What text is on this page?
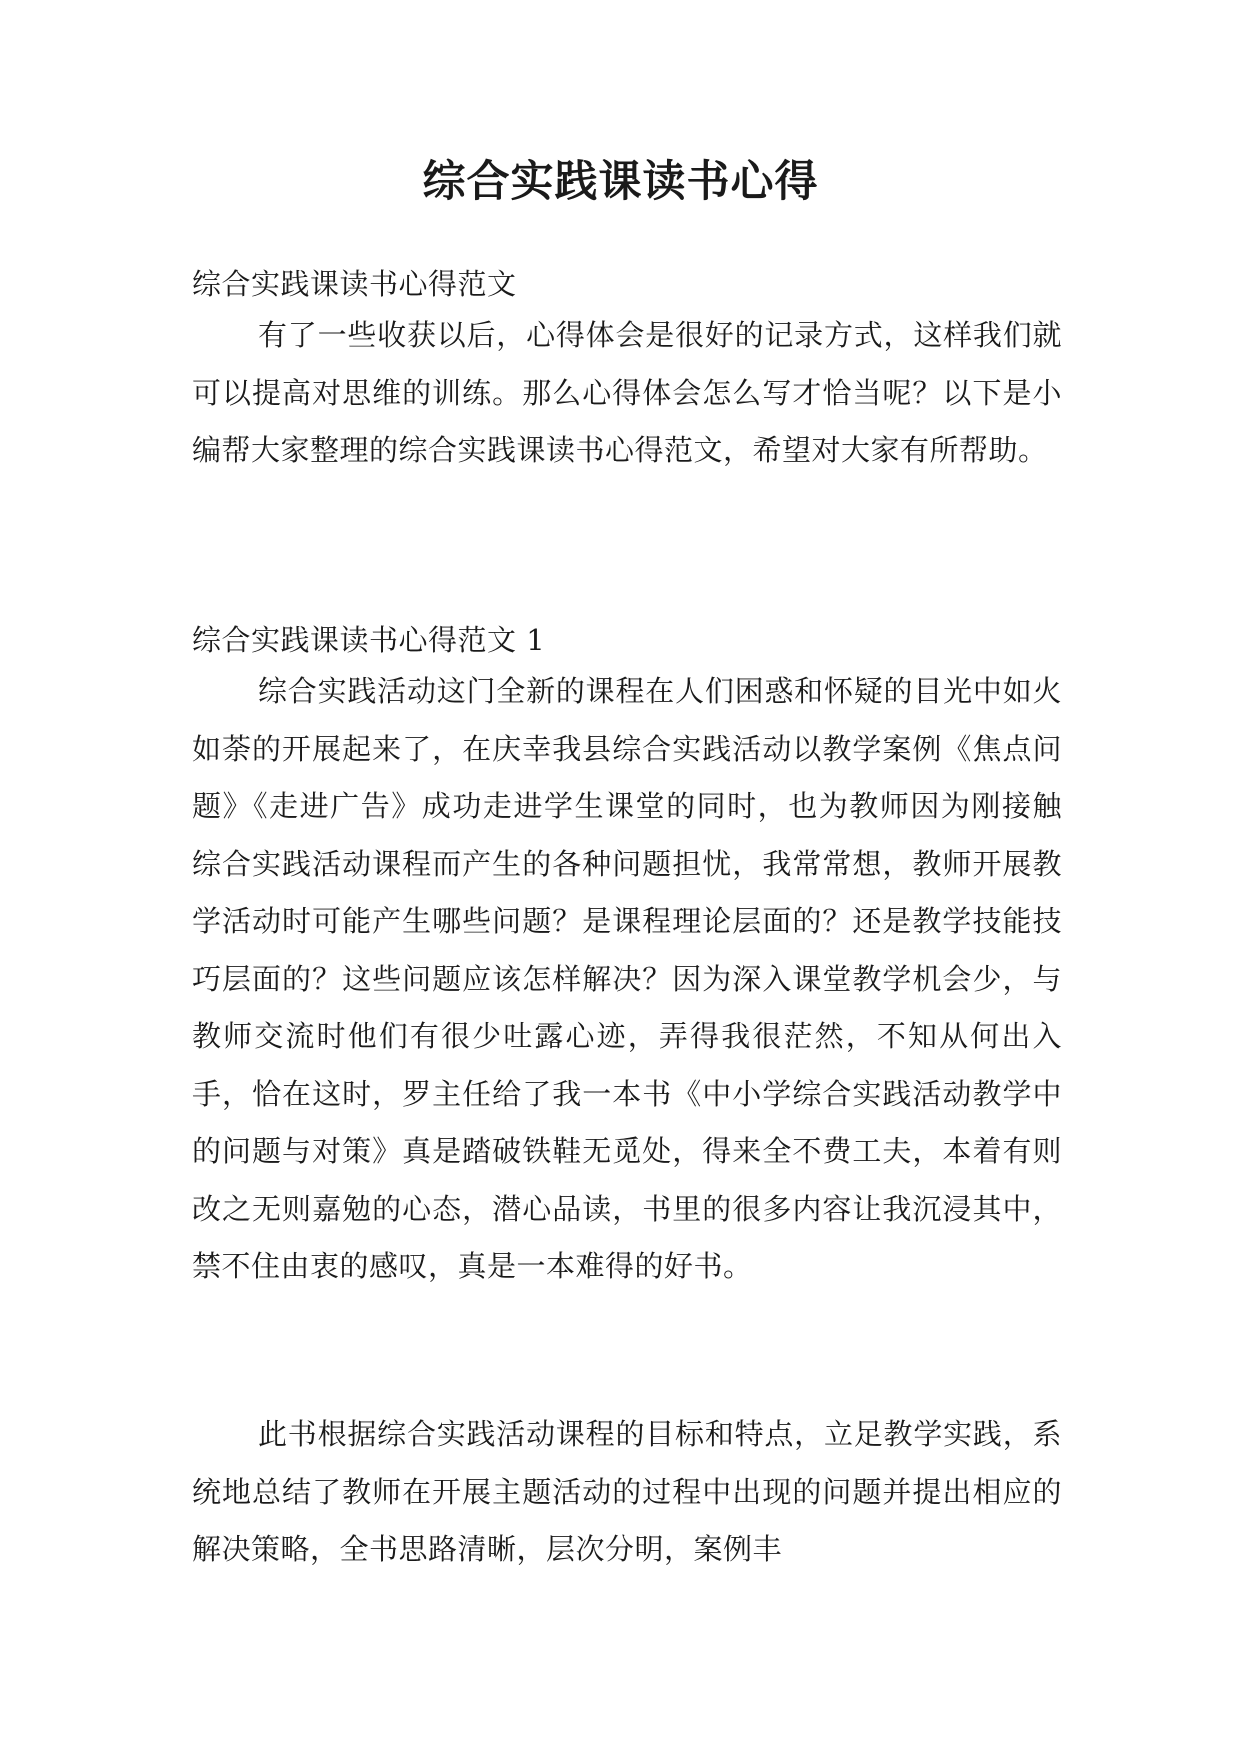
综合实践课读书心得
综合实践课读书心得范文

有了一些收获以后，心得体会是很好的记录方式，这样我们就可以提高对思维的训练。那么心得体会怎么写才恰当呢？以下是小编帮大家整理的综合实践课读书心得范文，希望对大家有所帮助。

综合实践课读书心得范文 1

综合实践活动这门全新的课程在人们困惑和怀疑的目光中如火如荼的开展起来了，在庆幸我县综合实践活动以教学案例《焦点问题》《走进广告》成功走进学生课堂的同时，也为教师因为刚接触综合实践活动课程而产生的各种问题担忧，我常常想，教师开展教学活动时可能产生哪些问题？是课程理论层面的？还是教学技能技巧层面的？这些问题应该怎样解决？因为深入课堂教学机会少，与教师交流时他们有很少吐露心迹，弄得我很茫然，不知从何出入手，恰在这时，罗主任给了我一本书《中小学综合实践活动教学中的问题与对策》真是踏破铁鞋无觅处，得来全不费工夫，本着有则改之无则嘉勉的心态，潜心品读，书里的很多内容让我沉浸其中，禁不住由衷的感叹，真是一本难得的好书。

此书根据综合实践活动课程的目标和特点，立足教学实践，系统地总结了教师在开展主题活动的过程中出现的问题并提出相应的解决策略，全书思路清晰，层次分明，案例丰
